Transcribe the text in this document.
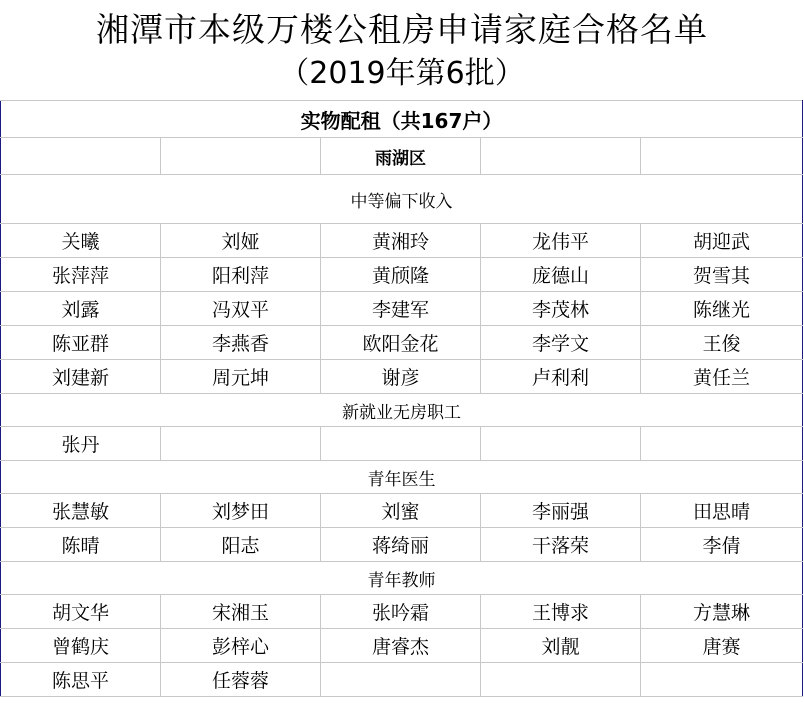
湘潭市本级万楼公租房申请家庭合格名单
（2019年第6批）
实物配租（共167户）				
		雨湖区		
中等偏下收入				
关曦	刘娅	黄湘玲	龙伟平	胡迎武
张萍萍	阳利萍	黄颀隆	庞德山	贺雪其
刘露	冯双平	李建军	李茂林	陈继光
陈亚群	李燕香	欧阳金花	李学文	王俊
刘建新	周元坤	谢彦	卢利利	黄任兰
新就业无房职工				
张丹				
青年医生				
张慧敏	刘梦田	刘蜜	李丽强	田思晴
陈晴	阳志	蒋绮丽	干落荣	李倩
青年教师				
胡文华	宋湘玉	张吟霜	王博求	方慧琳
曾鹤庆	彭梓心	唐睿杰	刘靓	唐赛
陈思平	任蓉蓉			
